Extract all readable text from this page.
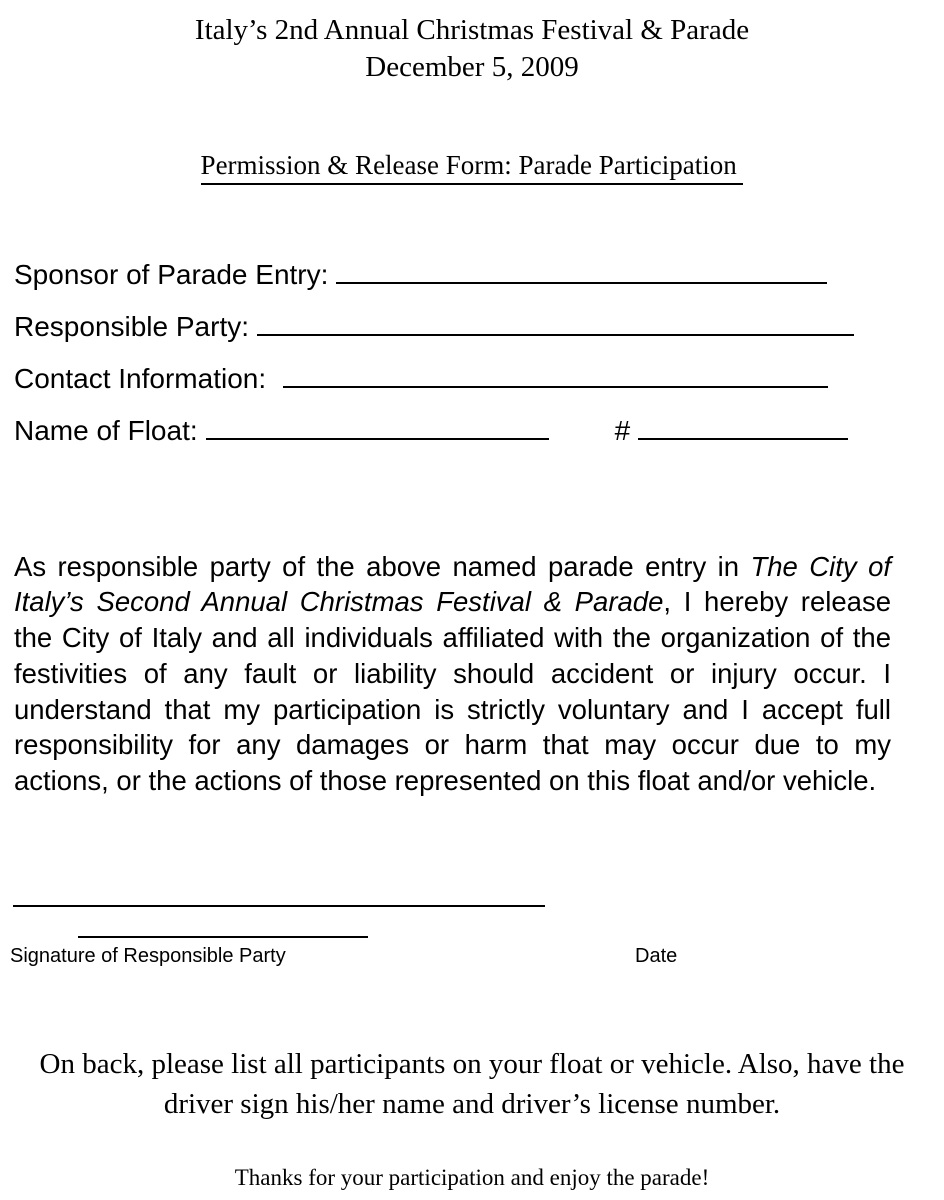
Italy’s 2nd Annual Christmas Festival & Parade
December 5, 2009
Permission & Release Form: Parade Participation
Sponsor of Parade Entry:
Responsible Party:
Contact Information:
Name of Float:	#

As responsible party of the above named parade entry in The City of Italy’s Second Annual Christmas Festival & Parade, I hereby release the City of Italy and all individuals affiliated with the organization of the festivities of any fault or liability should accident or injury occur. I understand that my participation is strictly voluntary and I accept full responsibility for any damages or harm that may occur due to my actions, or the actions of those represented on this float and/or vehicle.

Signature of Responsible Party	Date
On back, please list all participants on your float or vehicle. Also, have the driver sign his/her name and driver’s license number.
Thanks for your participation and enjoy the parade!
